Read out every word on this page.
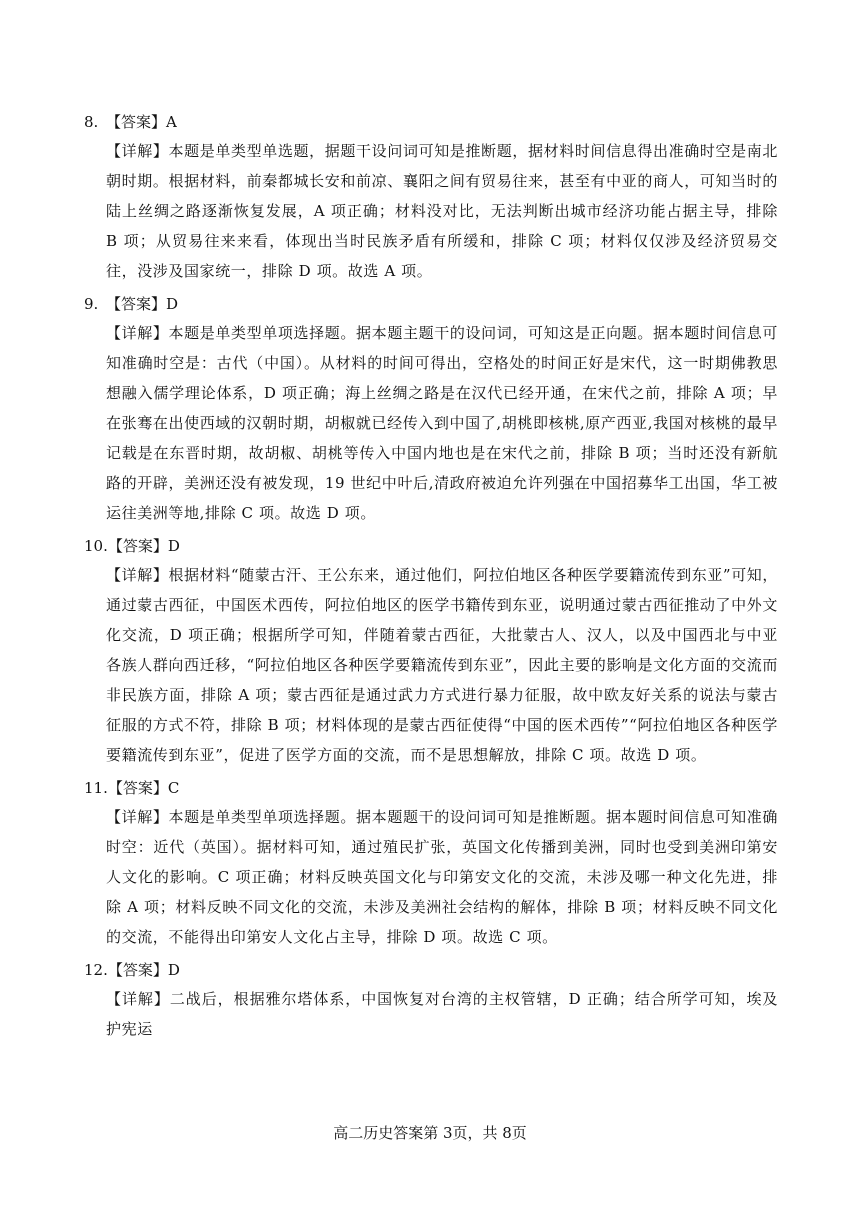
8. 【答案】A

【详解】本题是单类型单选题，据题干设问词可知是推断题，据材料时间信息得出准确时空是南北朝时期。根据材料，前秦都城长安和前凉、襄阳之间有贸易往来，甚至有中亚的商人，可知当时的陆上丝绸之路逐渐恢复发展，A 项正确；材料没对比，无法判断出城市经济功能占据主导，排除 B 项；从贸易往来来看，体现出当时民族矛盾有所缓和，排除 C 项；材料仅仅涉及经济贸易交往，没涉及国家统一，排除 D 项。故选 A 项。

9. 【答案】D

【详解】本题是单类型单项选择题。据本题主题干的设问词，可知这是正向题。据本题时间信息可知准确时空是：古代（中国）。从材料的时间可得出，空格处的时间正好是宋代，这一时期佛教思想融入儒学理论体系，D 项正确；海上丝绸之路是在汉代已经开通，在宋代之前，排除 A 项；早在张骞在出使西域的汉朝时期，胡椒就已经传入到中国了,胡桃即核桃,原产西亚,我国对核桃的最早记载是在东晋时期，故胡椒、胡桃等传入中国内地也是在宋代之前，排除 B 项；当时还没有新航路的开辟，美洲还没有被发现，19 世纪中叶后,清政府被迫允许列强在中国招募华工出国，华工被运往美洲等地,排除 C 项。故选 D 项。

10.【答案】D

【详解】根据材料“随蒙古汗、王公东来，通过他们，阿拉伯地区各种医学要籍流传到东亚”可知，通过蒙古西征，中国医术西传，阿拉伯地区的医学书籍传到东亚，说明通过蒙古西征推动了中外文化交流，D 项正确；根据所学可知，伴随着蒙古西征，大批蒙古人、汉人，以及中国西北与中亚各族人群向西迁移，“阿拉伯地区各种医学要籍流传到东亚”，因此主要的影响是文化方面的交流而非民族方面，排除 A 项；蒙古西征是通过武力方式进行暴力征服，故中欧友好关系的说法与蒙古征服的方式不符，排除 B 项；材料体现的是蒙古西征使得“中国的医术西传”“阿拉伯地区各种医学要籍流传到东亚”，促进了医学方面的交流，而不是思想解放，排除 C 项。故选 D 项。

11.【答案】C

【详解】本题是单类型单项选择题。据本题题干的设问词可知是推断题。据本题时间信息可知准确时空：近代（英国）。据材料可知，通过殖民扩张，英国文化传播到美洲，同时也受到美洲印第安人文化的影响。C 项正确；材料反映英国文化与印第安文化的交流，未涉及哪一种文化先进，排除 A 项；材料反映不同文化的交流，未涉及美洲社会结构的解体，排除 B 项；材料反映不同文化的交流，不能得出印第安人文化占主导，排除 D 项。故选 C 项。

12.【答案】D

【详解】二战后，根据雅尔塔体系，中国恢复对台湾的主权管辖，D 正确；结合所学可知，埃及护宪运

高二历史答案第 3页，共 8页
